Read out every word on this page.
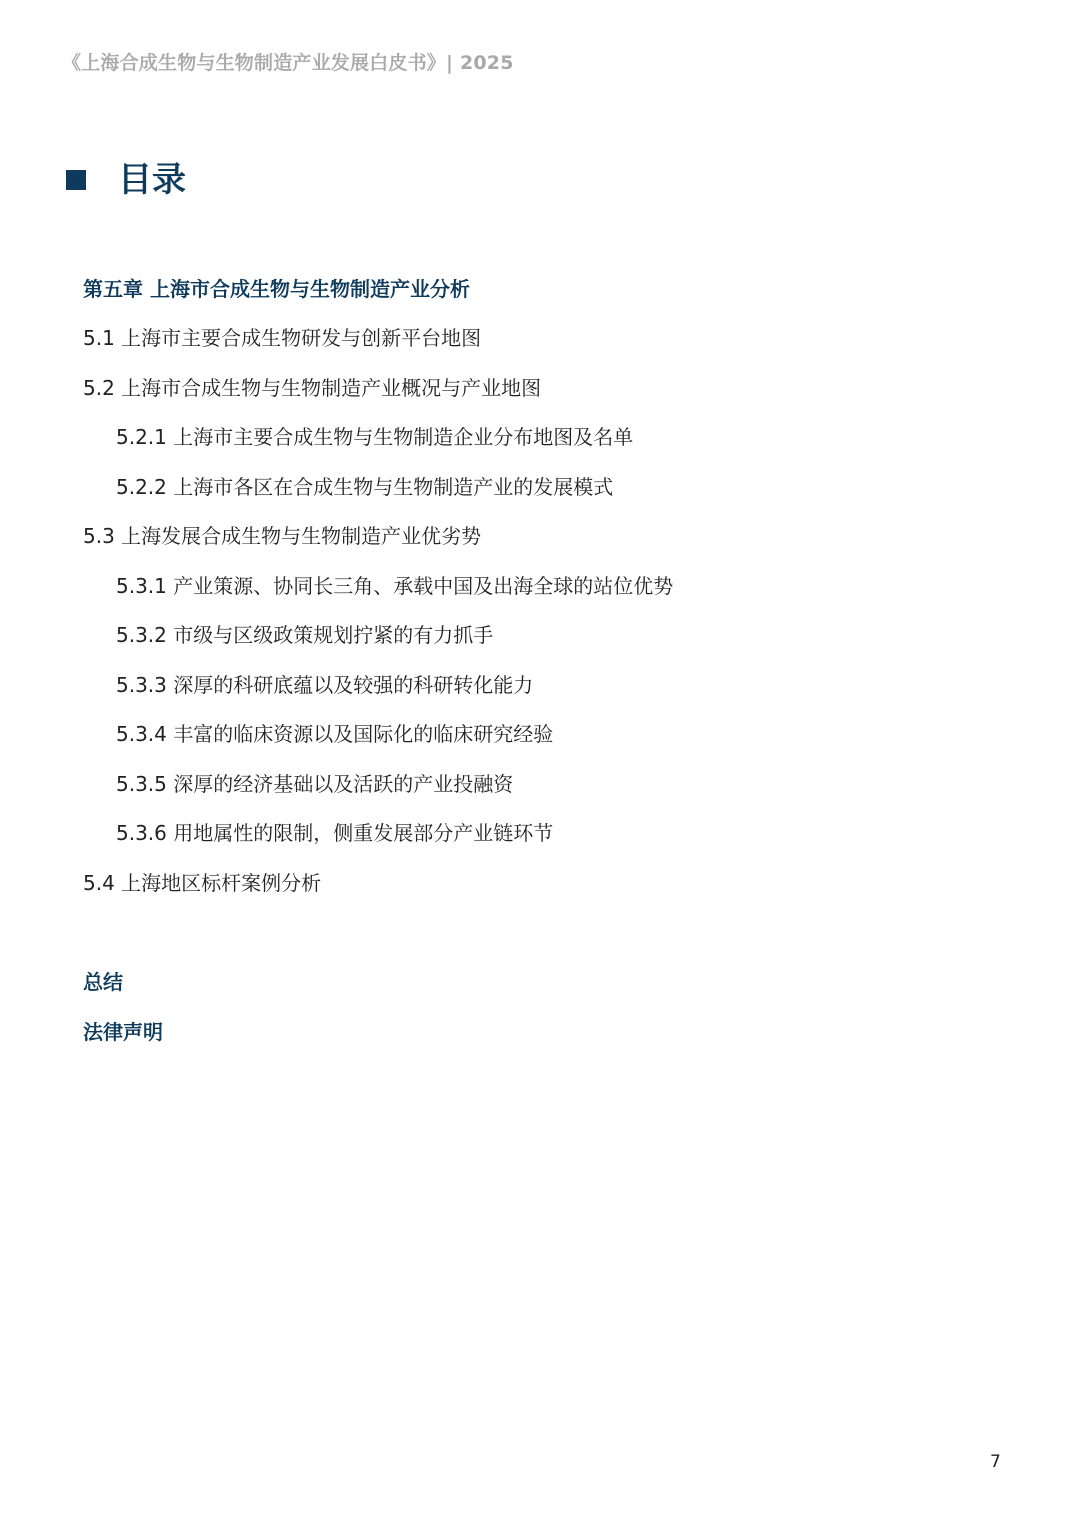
《上海合成生物与生物制造产业发展白皮书》| 2025
目录
第五章 上海市合成生物与生物制造产业分析
5.1 上海市主要合成生物研发与创新平台地图
5.2 上海市合成生物与生物制造产业概况与产业地图
5.2.1 上海市主要合成生物与生物制造企业分布地图及名单
5.2.2 上海市各区在合成生物与生物制造产业的发展模式
5.3 上海发展合成生物与生物制造产业优劣势
5.3.1 产业策源、协同长三角、承载中国及出海全球的站位优势
5.3.2 市级与区级政策规划拧紧的有力抓手
5.3.3 深厚的科研底蕴以及较强的科研转化能力
5.3.4 丰富的临床资源以及国际化的临床研究经验
5.3.5 深厚的经济基础以及活跃的产业投融资
5.3.6 用地属性的限制，侧重发展部分产业链环节
5.4 上海地区标杆案例分析
总结
法律声明
7
